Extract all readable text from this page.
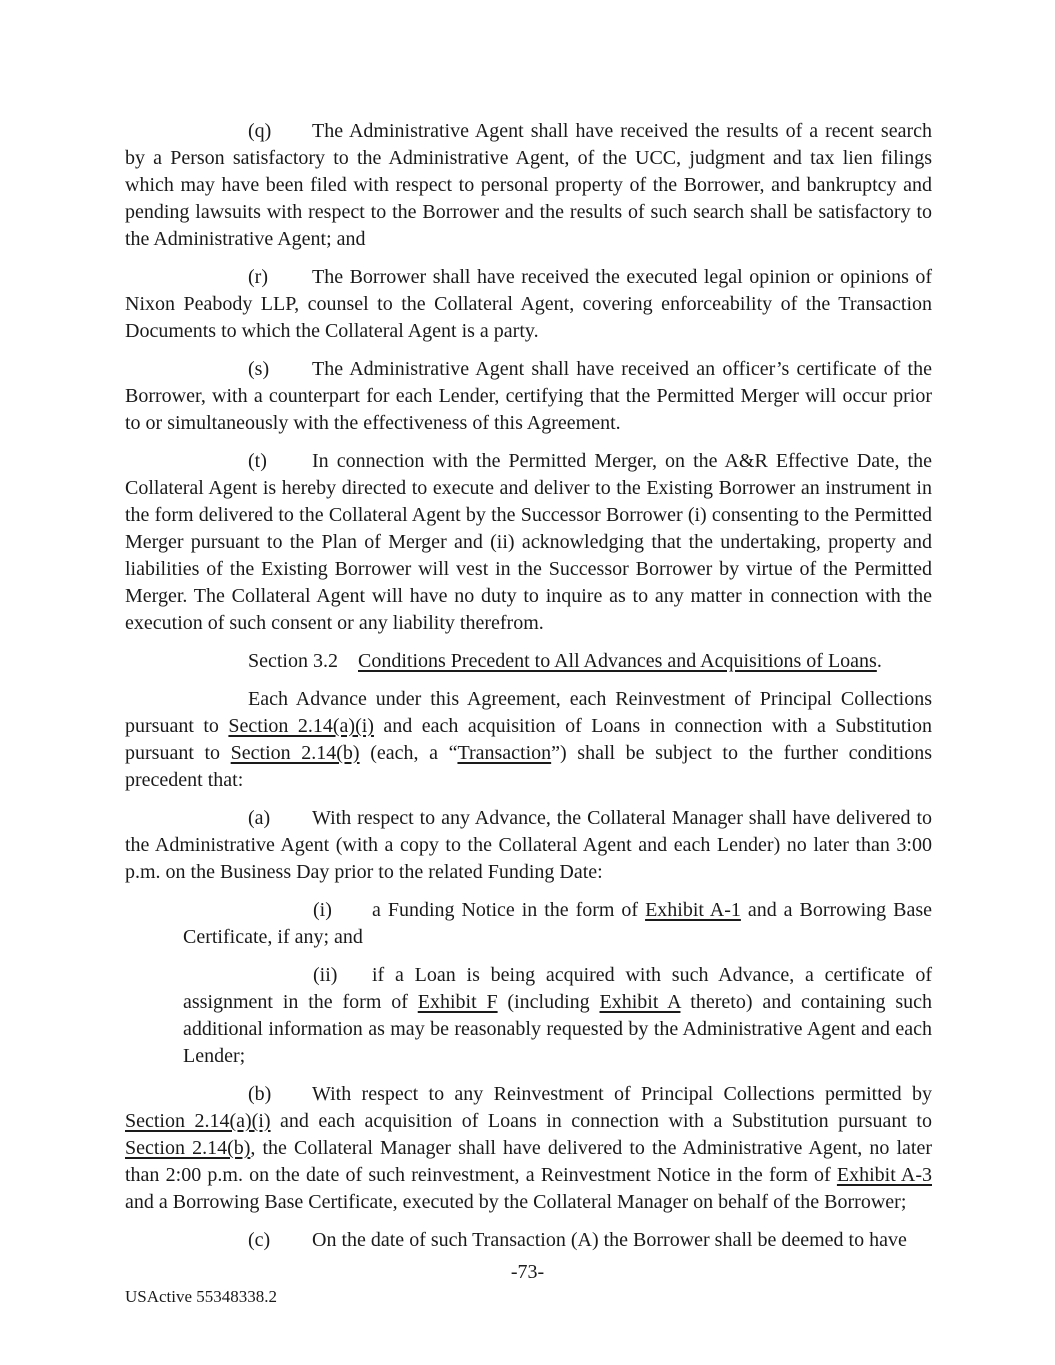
(q) The Administrative Agent shall have received the results of a recent search by a Person satisfactory to the Administrative Agent, of the UCC, judgment and tax lien filings which may have been filed with respect to personal property of the Borrower, and bankruptcy and pending lawsuits with respect to the Borrower and the results of such search shall be satisfactory to the Administrative Agent; and

(r) The Borrower shall have received the executed legal opinion or opinions of Nixon Peabody LLP, counsel to the Collateral Agent, covering enforceability of the Transaction Documents to which the Collateral Agent is a party.

(s) The Administrative Agent shall have received an officer’s certificate of the Borrower, with a counterpart for each Lender, certifying that the Permitted Merger will occur prior to or simultaneously with the effectiveness of this Agreement.

(t) In connection with the Permitted Merger, on the A&R Effective Date, the Collateral Agent is hereby directed to execute and deliver to the Existing Borrower an instrument in the form delivered to the Collateral Agent by the Successor Borrower (i) consenting to the Permitted Merger pursuant to the Plan of Merger and (ii) acknowledging that the undertaking, property and liabilities of the Existing Borrower will vest in the Successor Borrower by virtue of the Permitted Merger. The Collateral Agent will have no duty to inquire as to any matter in connection with the execution of such consent or any liability therefrom.

Section 3.2 Conditions Precedent to All Advances and Acquisitions of Loans.

Each Advance under this Agreement, each Reinvestment of Principal Collections pursuant to Section 2.14(a)(i) and each acquisition of Loans in connection with a Substitution pursuant to Section 2.14(b) (each, a “Transaction”) shall be subject to the further conditions precedent that:

(a) With respect to any Advance, the Collateral Manager shall have delivered to the Administrative Agent (with a copy to the Collateral Agent and each Lender) no later than 3:00 p.m. on the Business Day prior to the related Funding Date:

(i) a Funding Notice in the form of Exhibit A-1 and a Borrowing Base Certificate, if any; and

(ii) if a Loan is being acquired with such Advance, a certificate of assignment in the form of Exhibit F (including Exhibit A thereto) and containing such additional information as may be reasonably requested by the Administrative Agent and each Lender;

(b) With respect to any Reinvestment of Principal Collections permitted by Section 2.14(a)(i) and each acquisition of Loans in connection with a Substitution pursuant to Section 2.14(b), the Collateral Manager shall have delivered to the Administrative Agent, no later than 2:00 p.m. on the date of such reinvestment, a Reinvestment Notice in the form of Exhibit A-3 and a Borrowing Base Certificate, executed by the Collateral Manager on behalf of the Borrower;

(c) On the date of such Transaction (A) the Borrower shall be deemed to have

-73-
USActive 55348338.2
